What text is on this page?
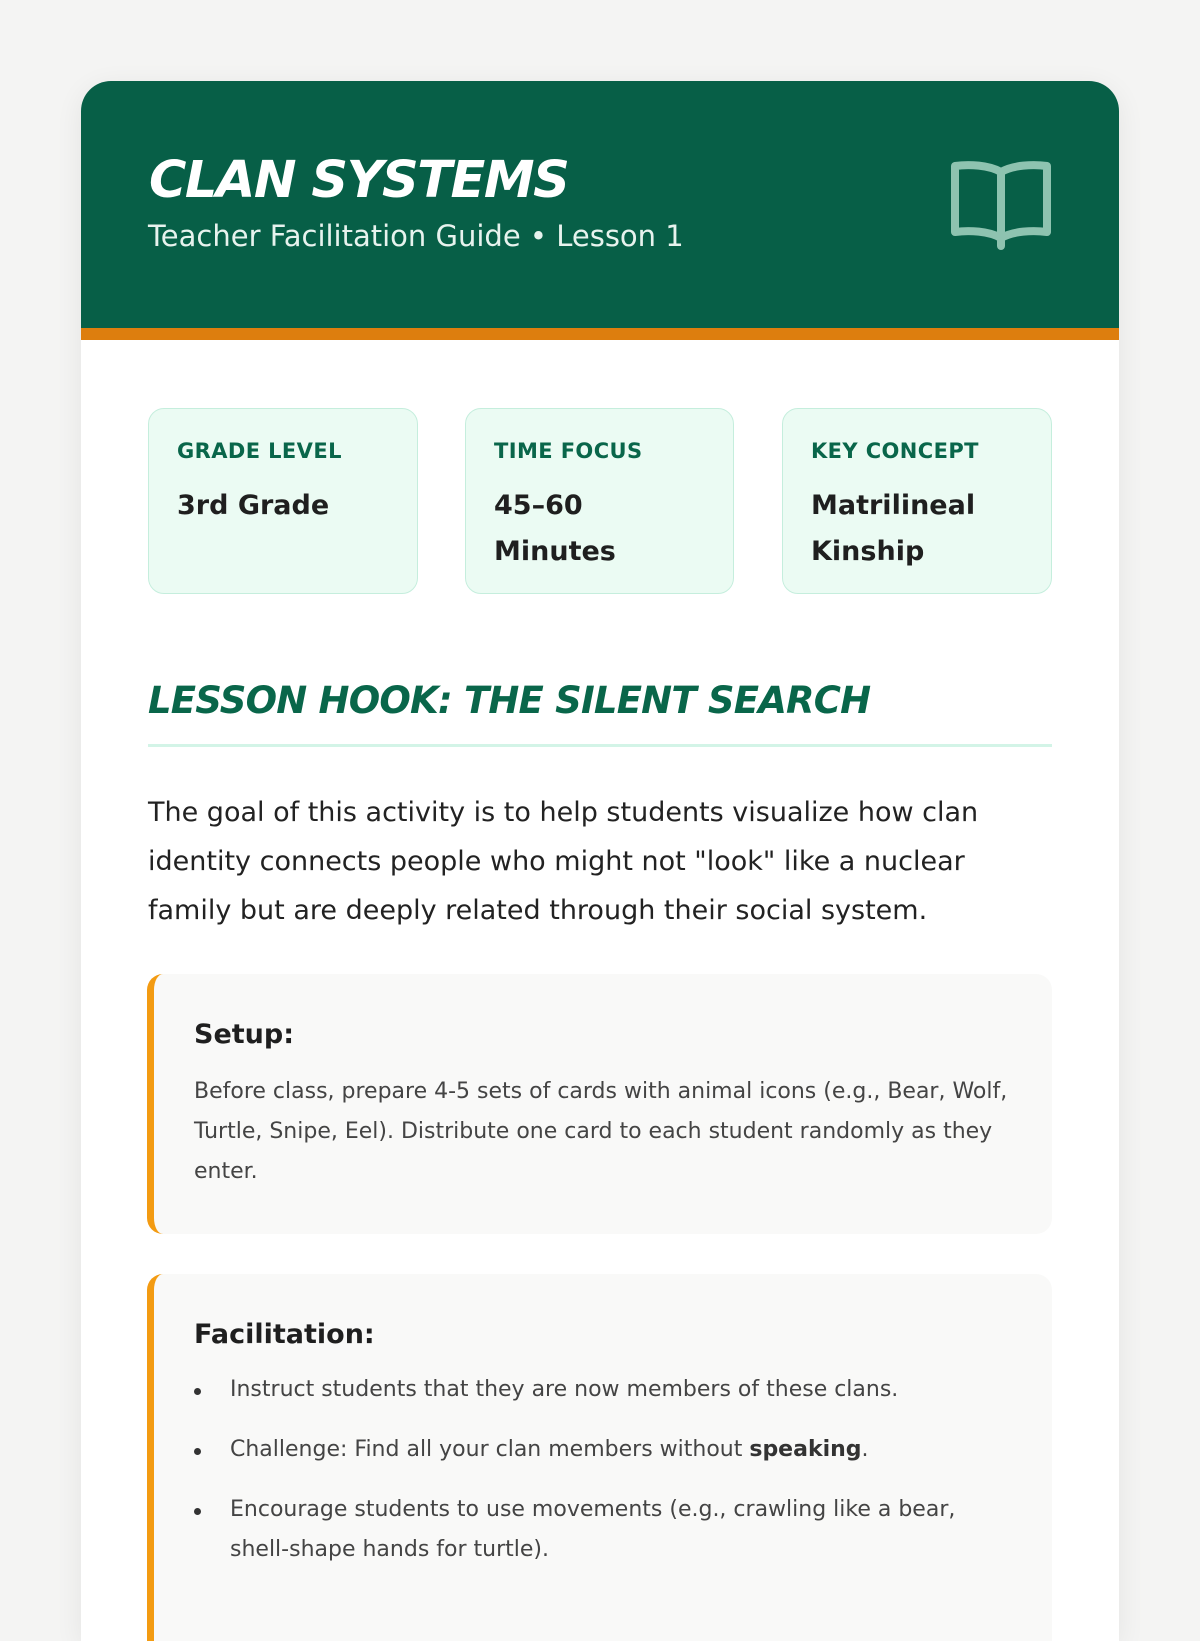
CLAN SYSTEMS
Teacher Facilitation Guide • Lesson 1
GRADE LEVEL
3rd Grade
TIME FOCUS
45–60 Minutes
KEY CONCEPT
Matrilineal Kinship
LESSON HOOK: THE SILENT SEARCH

The goal of this activity is to help students visualize how clan identity connects people who might not "look" like a nuclear family but are deeply related through their social system.

Setup:

Before class, prepare 4-5 sets of cards with animal icons (e.g., Bear, Wolf, Turtle, Snipe, Eel). Distribute one card to each student randomly as they enter.

Facilitation:
Instruct students that they are now members of these clans.
Challenge: Find all your clan members without speaking.
Encourage students to use movements (e.g., crawling like a bear, shell-shape hands for turtle).
